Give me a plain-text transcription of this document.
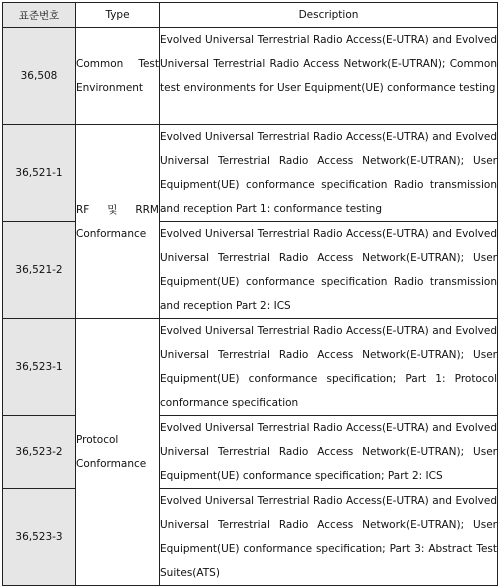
표준번호	Type	Description
36,508	Common Test Environment	Evolved Universal Terrestrial Radio Access(E-UTRA) and Evolved Universal Terrestrial Radio Access Network(E-UTRAN); Common test environments for User Equipment(UE) conformance testing
36,521-1	RF 및 RRM Conformance	Evolved Universal Terrestrial Radio Access(E-UTRA) and Evolved Universal Terrestrial Radio Access Network(E-UTRAN); User Equipment(UE) conformance specification Radio transmission and reception Part 1: conformance testing
36,521-2		Evolved Universal Terrestrial Radio Access(E-UTRA) and Evolved Universal Terrestrial Radio Access Network(E-UTRAN); User Equipment(UE) conformance specification Radio transmission and reception Part 2: ICS
36,523-1	Protocol Conformance	Evolved Universal Terrestrial Radio Access(E-UTRA) and Evolved Universal Terrestrial Radio Access Network(E-UTRAN); User Equipment(UE) conformance specification; Part 1: Protocol conformance specification
36,523-2		Evolved Universal Terrestrial Radio Access(E-UTRA) and Evolved Universal Terrestrial Radio Access Network(E-UTRAN); User Equipment(UE) conformance specification; Part 2: ICS
36,523-3		Evolved Universal Terrestrial Radio Access(E-UTRA) and Evolved Universal Terrestrial Radio Access Network(E-UTRAN); User Equipment(UE) conformance specification; Part 3: Abstract Test Suites(ATS)
